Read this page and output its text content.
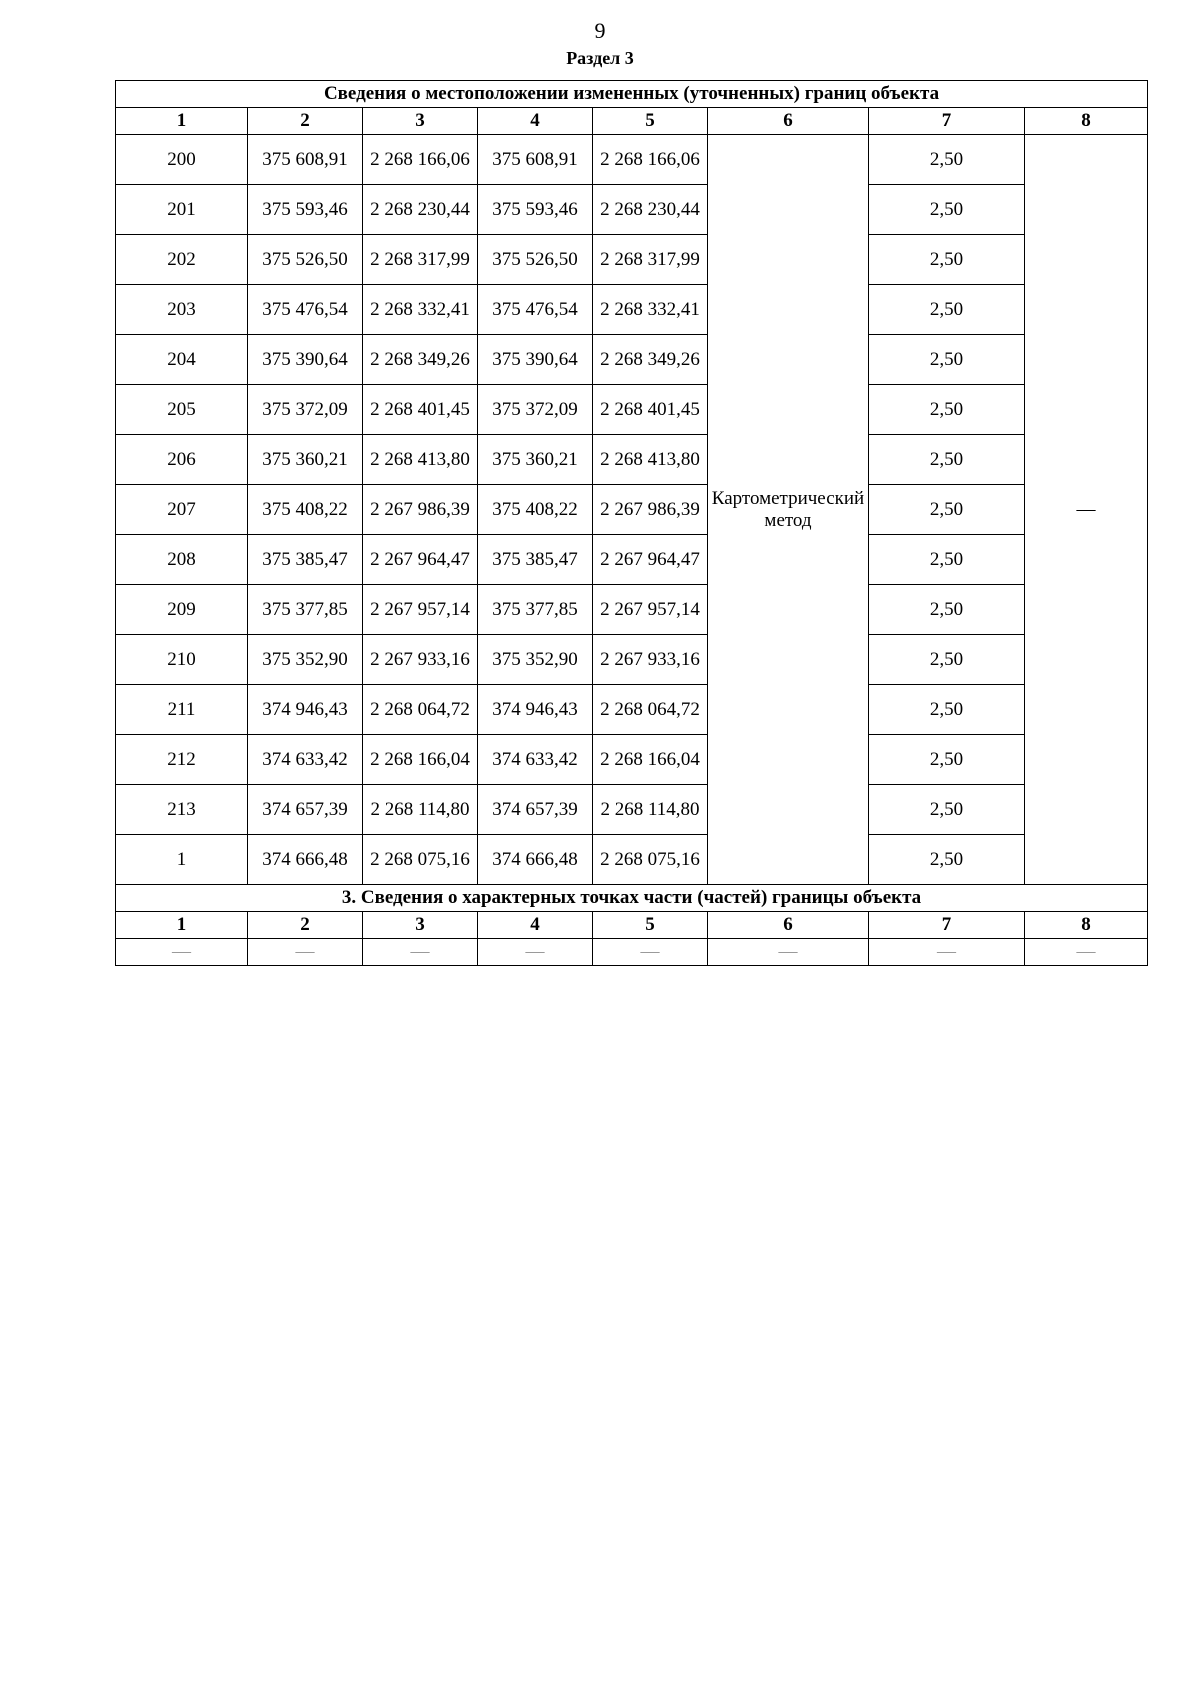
9
Раздел 3
Сведения о местоположении измененных (уточненных) границ объекта							
1	2	3	4	5	6	7	8
200	375 608,91	2 268 166,06	375 608,91	2 268 166,06	Картометрический метод	2,50	—
201	375 593,46	2 268 230,44	375 593,46	2 268 230,44		2,50	
202	375 526,50	2 268 317,99	375 526,50	2 268 317,99		2,50	
203	375 476,54	2 268 332,41	375 476,54	2 268 332,41		2,50	
204	375 390,64	2 268 349,26	375 390,64	2 268 349,26		2,50	
205	375 372,09	2 268 401,45	375 372,09	2 268 401,45		2,50	
206	375 360,21	2 268 413,80	375 360,21	2 268 413,80		2,50	
207	375 408,22	2 267 986,39	375 408,22	2 267 986,39		2,50	
208	375 385,47	2 267 964,47	375 385,47	2 267 964,47		2,50	
209	375 377,85	2 267 957,14	375 377,85	2 267 957,14		2,50	
210	375 352,90	2 267 933,16	375 352,90	2 267 933,16		2,50	
211	374 946,43	2 268 064,72	374 946,43	2 268 064,72		2,50	
212	374 633,42	2 268 166,04	374 633,42	2 268 166,04		2,50	
213	374 657,39	2 268 114,80	374 657,39	2 268 114,80		2,50	
1	374 666,48	2 268 075,16	374 666,48	2 268 075,16		2,50	
3. Сведения о характерных точках части (частей) границы объекта							
1	2	3	4	5	6	7	8
—	—	—	—	—	—	—	—
